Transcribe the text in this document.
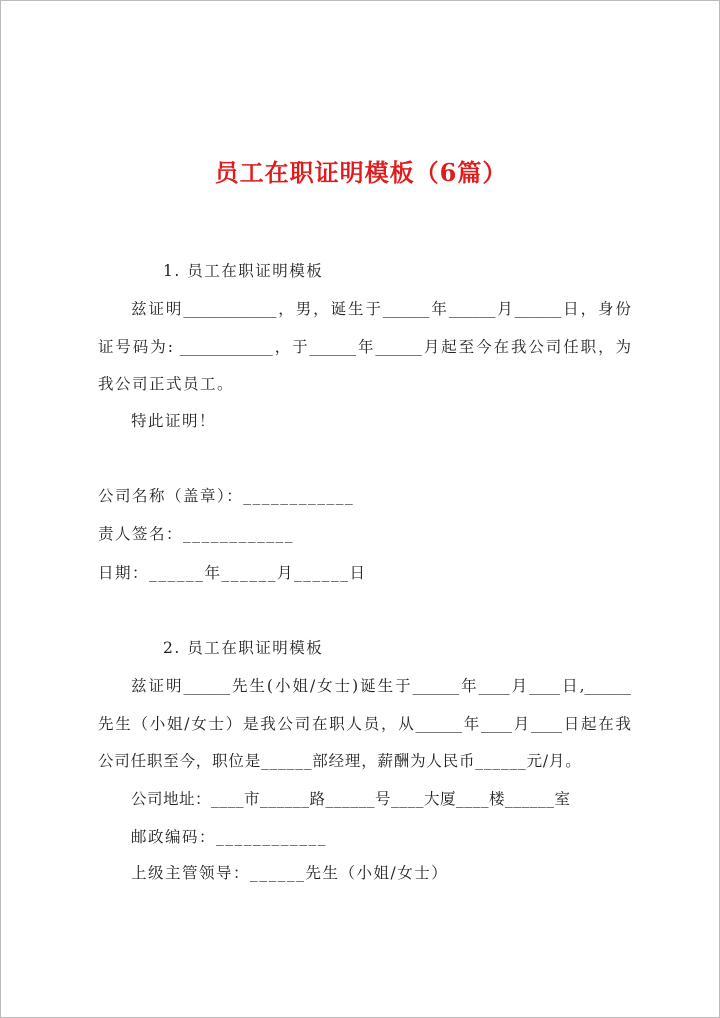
员工在职证明模板（6篇）
1. 员工在职证明模板
兹证明____________，男，诞生于______年______月______日，身份
证号码为: ____________，于______年______月起至今在我公司任职，为
我公司正式员工。
特此证明！
公司名称（盖章）：____________
责人签名：____________
日期：______年______月______日
2. 员工在职证明模板
兹证明______先生(小姐/女士)诞生于______年____月____日,______
先生（小姐/女士）是我公司在职人员，从______年____月____日起在我
公司任职至今，职位是______部经理，薪酬为人民币______元/月。
公司地址：____市______路______号____大厦____楼______室
邮政编码：____________
上级主管领导：______先生（小姐/女士）
